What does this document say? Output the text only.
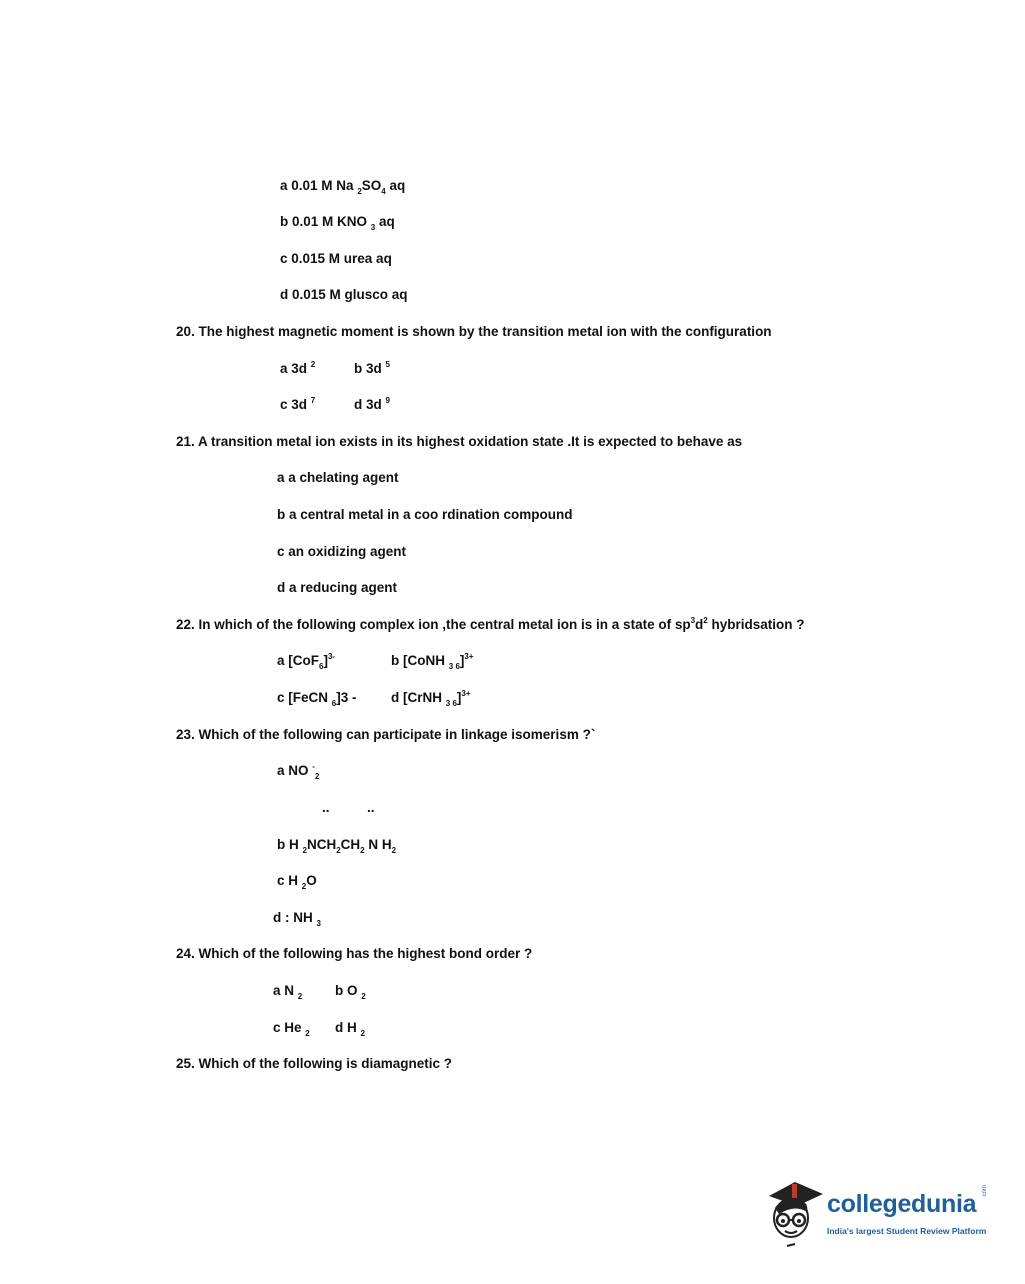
a 0.01 M Na $_2SO_4$ aq
b 0.01 M KNO $_3$ aq
c 0.015 M urea aq
d 0.015 M glusco aq
20. The highest magnetic moment is shown by the transition metal ion with the configuration
a 3d $^2$	b 3d $^5$
c 3d $^7$	d 3d $^9$
21. A transition metal ion exists in its highest oxidation state .It is expected to behave as
a a chelating agent
b a central metal in a coo rdination compound
c an oxidizing agent
d a reducing agent
22. In which of the following complex ion ,the central metal ion is in a state of $sp^3d^2$ hybridsation ?
a $[CoF_6]^{3-}$	b [CoNH $_{3 6}$]$^{3+}$
c [FeCN $_6$]3 -	d [CrNH $_{3 6}$]$^{3+}$
23. Which of the following can participate in linkage isomerism ?`
a NO -$_2$
..	..
b H $_2NCH_2CH_2$ N $H_2$
c H $_2$O
d : NH $_3$
24. Which of the following has the highest bond order ?
a N $_2$ b O $_2$
c He $_2$ d H $_2$
25. Which of the following is diamagnetic ?
collegedunia .com
India's largest Student Review Platform
